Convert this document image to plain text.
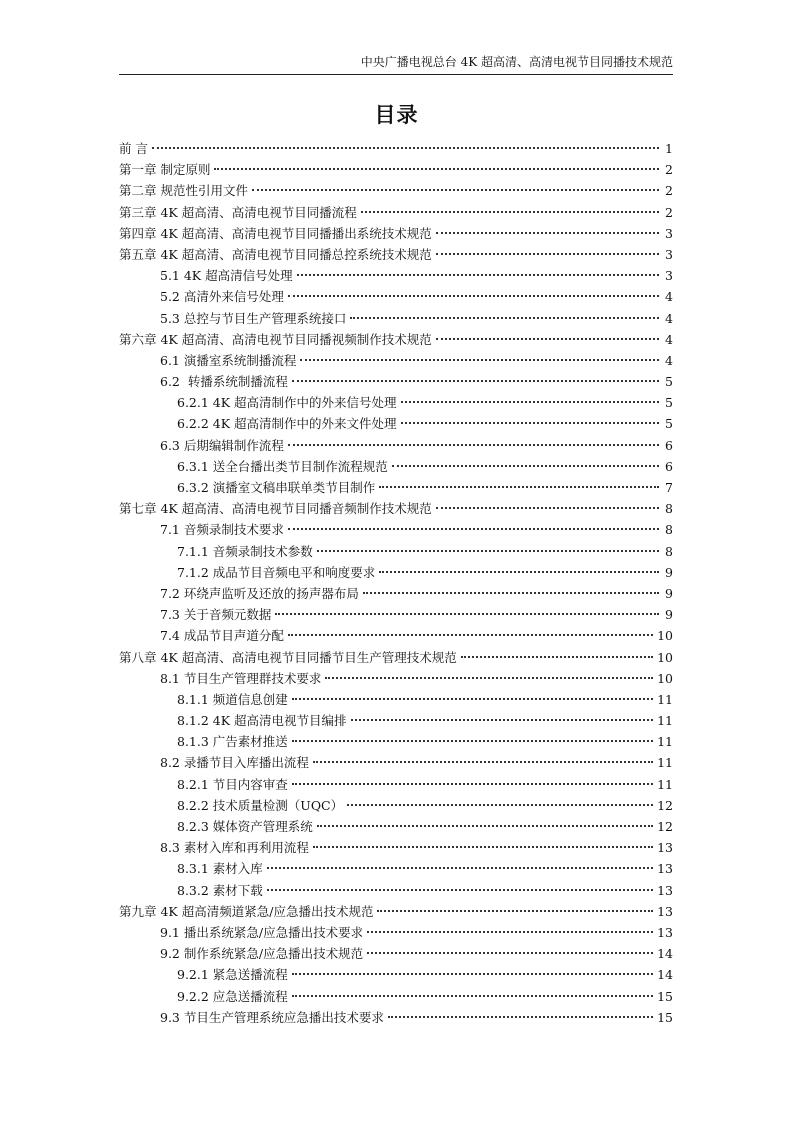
中央广播电视总台 4K 超高清、高清电视节目同播技术规范
目录
前 言	1
第一章 制定原则	2
第二章 规范性引用文件	2
第三章 4K 超高清、高清电视节目同播流程	2
第四章 4K 超高清、高清电视节目同播播出系统技术规范	3
第五章 4K 超高清、高清电视节目同播总控系统技术规范	3
5.1 4K 超高清信号处理	3
5.2 高清外来信号处理	4
5.3 总控与节目生产管理系统接口	4
第六章 4K 超高清、高清电视节目同播视频制作技术规范	4
6.1 演播室系统制播流程	4
6.2  转播系统制播流程	5
6.2.1 4K 超高清制作中的外来信号处理	5
6.2.2 4K 超高清制作中的外来文件处理	5
6.3 后期编辑制作流程	6
6.3.1 送全台播出类节目制作流程规范	6
6.3.2 演播室文稿串联单类节目制作	7
第七章 4K 超高清、高清电视节目同播音频制作技术规范	8
7.1 音频录制技术要求	8
7.1.1 音频录制技术参数	8
7.1.2 成品节目音频电平和响度要求	9
7.2 环绕声监听及还放的扬声器布局	9
7.3 关于音频元数据	9
7.4 成品节目声道分配	10
第八章 4K 超高清、高清电视节目同播节目生产管理技术规范	10
8.1 节目生产管理群技术要求	10
8.1.1 频道信息创建	11
8.1.2 4K 超高清电视节目编排	11
8.1.3 广告素材推送	11
8.2 录播节目入库播出流程	11
8.2.1 节目内容审查	11
8.2.2 技术质量检测（UQC）	12
8.2.3 媒体资产管理系统	12
8.3 素材入库和再利用流程	13
8.3.1 素材入库	13
8.3.2 素材下载	13
第九章 4K 超高清频道紧急/应急播出技术规范	13
9.1 播出系统紧急/应急播出技术要求	13
9.2 制作系统紧急/应急播出技术规范	14
9.2.1 紧急送播流程	14
9.2.2 应急送播流程	15
9.3 节目生产管理系统应急播出技术要求	15
